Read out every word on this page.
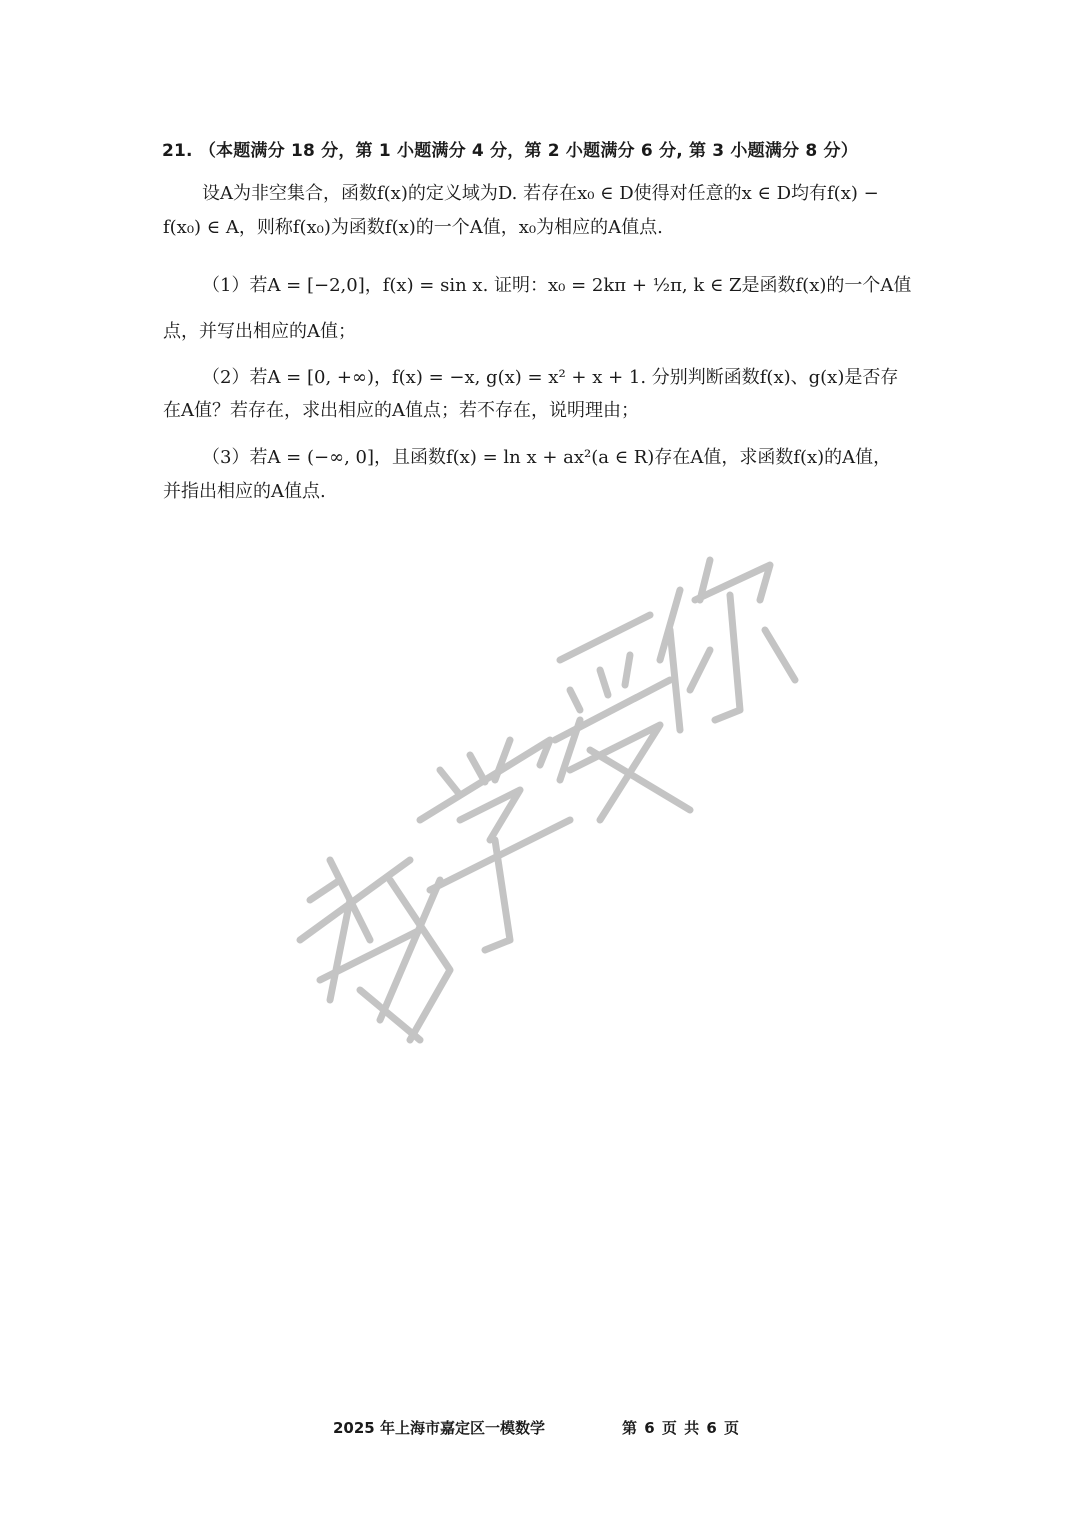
21. （本题满分 18 分，第 1 小题满分 4 分，第 2 小题满分 6 分, 第 3 小题满分 8 分）
设A为非空集合，函数f(x)的定义域为D. 若存在x₀ ∈ D使得对任意的x ∈ D均有f(x) −
f(x₀) ∈ A，则称f(x₀)为函数f(x)的一个A值，x₀为相应的A值点.
（1）若A = [−2,0]，f(x) = sin x. 证明：x₀ = 2kπ + ½π, k ∈ Z是函数f(x)的一个A值
点，并写出相应的A值；
（2）若A = [0, +∞)，f(x) = −x, g(x) = x² + x + 1. 分别判断函数f(x)、g(x)是否存
在A值？若存在，求出相应的A值点；若不存在，说明理由；
（3）若A = (−∞, 0]，且函数f(x) = ln x + ax²(a ∈ R)存在A值，求函数f(x)的A值，
并指出相应的A值点.
2025 年上海市嘉定区一模数学	第 6 页 共 6 页
